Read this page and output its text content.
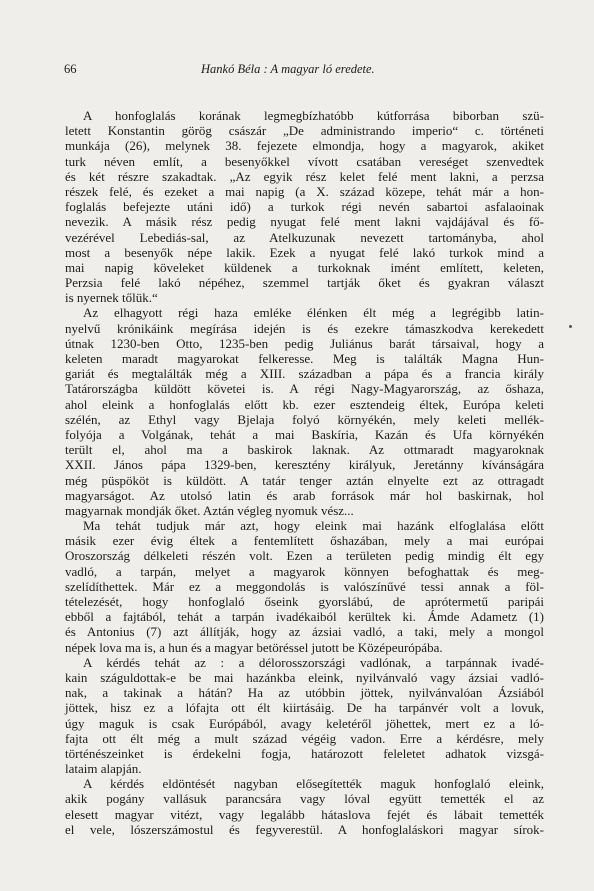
66	Hankó Béla : A magyar ló eredete.
A honfoglalás korának legmegbízhatóbb kútforrása biborban szü-
letett Konstantin görög császár „De administrando imperio“ c. történeti
munkája (26), melynek 38. fejezete elmondja, hogy a magyarok, akiket
turk néven említ, a besenyőkkel vívott csatában vereséget szenvedtek
és két részre szakadtak. „Az egyik rész kelet felé ment lakni, a perzsa
részek felé, és ezeket a mai napig (a X. század közepe, tehát már a hon-
foglalás befejezte utáni idő) a turkok régi nevén sabartoi asfalaoinak
nevezik. A másik rész pedig nyugat felé ment lakni vajdájával és fő-
vezérével Lebediás-sal, az Atelkuzunak nevezett tartományba, ahol
most a besenyők népe lakik. Ezek a nyugat felé lakó turkok mind a
mai napig köveleket küldenek a turkoknak imént említett, keleten,
Perzsia felé lakó népéhez, szemmel tartják őket és gyakran választ
is nyernek tőlük.“
Az elhagyott régi haza emléke élénken élt még a legrégibb latin-
nyelvű krónikáink megírása idején is és ezekre támaszkodva kerekedett
útnak 1230-ben Otto, 1235-ben pedig Juliánus barát társaival, hogy a
keleten maradt magyarokat felkeresse. Meg is találták Magna Hun-
gariát és megtalálták még a XIII. században a pápa és a francia király
Tatárországba küldött követei is. A régi Nagy-Magyarország, az őshaza,
ahol eleink a honfoglalás előtt kb. ezer esztendeig éltek, Európa keleti
szélén, az Ethyl vagy Bjelaja folyó környékén, mely keleti mellék-
folyója a Volgának, tehát a mai Baskíria, Kazán és Ufa környékén
terült el, ahol ma a baskirok laknak. Az ottmaradt magyaroknak
XXII. János pápa 1329-ben, keresztény királyuk, Jeretánny kívánságára
még püspököt is küldött. A tatár tenger aztán elnyelte ezt az ottragadt
magyarságot. Az utolsó latin és arab források már hol baskirnak, hol
magyarnak mondják őket. Aztán végleg nyomuk vész...
Ma tehát tudjuk már azt, hogy eleink mai hazánk elfoglalása előtt
másik ezer évig éltek a fentemlített őshazában, mely a mai európai
Oroszország délkeleti részén volt. Ezen a területen pedig mindig élt egy
vadló, a tarpán, melyet a magyarok könnyen befoghattak és meg-
szelídíthettek. Már ez a meggondolás is valószínűvé tessi annak a föl-
tételezését, hogy honfoglaló őseink gyorslábú, de aprótermetű paripái
ebből a fajtából, tehát a tarpán ivadékaiból kerültek ki. Ámde Adametz (1)
és Antonius (7) azt állítják, hogy az ázsiai vadló, a taki, mely a mongol
népek lova ma is, a hun és a magyar betöréssel jutott be Középeurópába.
A kérdés tehát az : a délorosszországi vadlónak, a tarpánnak ivadé-
kain száguldottak-e be mai hazánkba eleink, nyilvánvaló vagy ázsiai vadló-
nak, a takinak a hátán? Ha az utóbbin jöttek, nyilvánvalóan Ázsiából
jöttek, hisz ez a lófajta ott élt kiirtásáig. De ha tarpánvér volt a lovuk,
úgy maguk is csak Európából, avagy keletéről jöhettek, mert ez a ló-
fajta ott élt még a mult század végéig vadon. Erre a kérdésre, mely
történészeinket is érdekelni fogja, határozott feleletet adhatok vizsgá-
lataim alapján.
A kérdés eldöntését nagyban elősegítették maguk honfoglaló eleink,
akik pogány vallásuk parancsára vagy lóval együtt temették el az
elesett magyar vitézt, vagy legalább hátaslova fejét és lábait temették
el vele, lószerszámostul és fegyverestül. A honfoglaláskori magyar sírok-
